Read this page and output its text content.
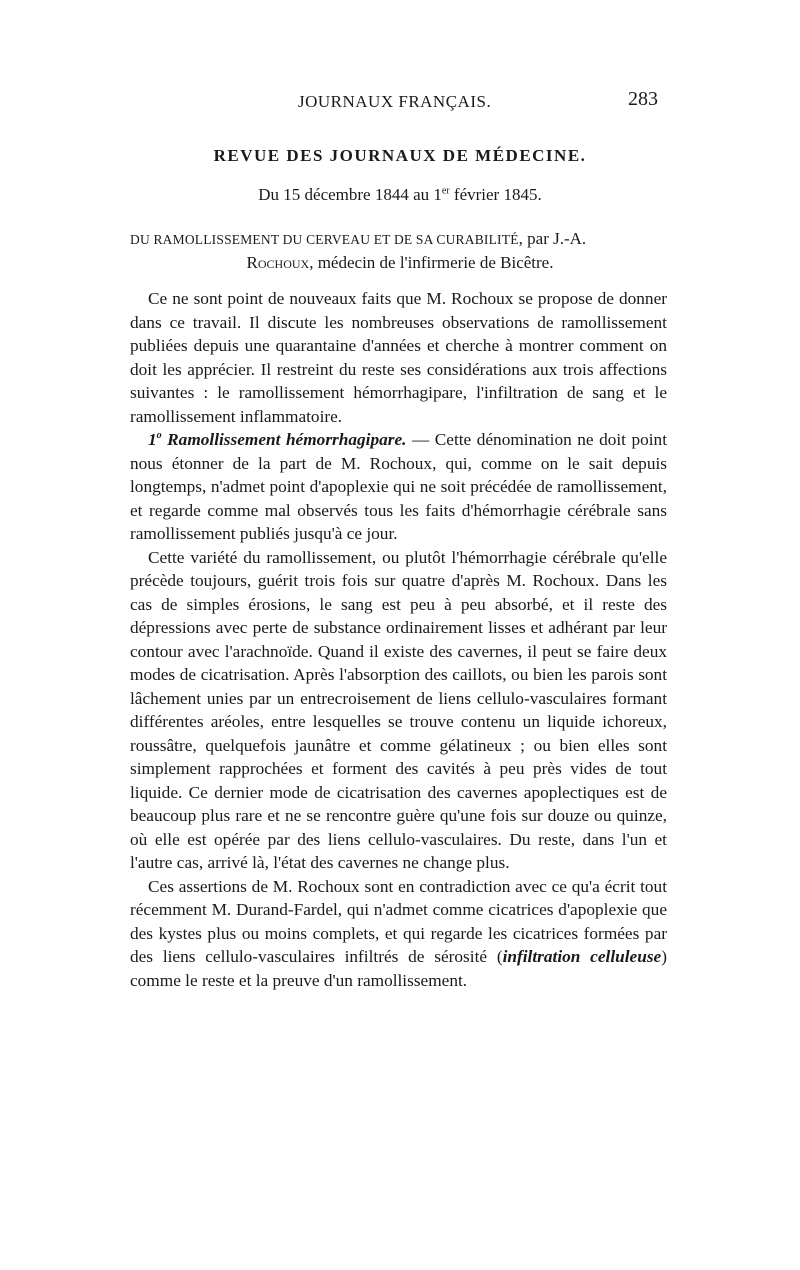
JOURNAUX FRANÇAIS.	283
REVUE DES JOURNAUX DE MÉDECINE.
Du 15 décembre 1844 au 1er février 1845.
DU RAMOLLISSEMENT DU CERVEAU ET DE SA CURABILITÉ, par J.-A.
Rochoux, médecin de l'infirmerie de Bicêtre.

Ce ne sont point de nouveaux faits que M. Rochoux se propose de donner dans ce travail. Il discute les nombreuses observations de ramollissement publiées depuis une quarantaine d'années et cherche à montrer comment on doit les apprécier. Il restreint du reste ses considérations aux trois affections suivantes : le ramollissement hémorrhagipare, l'infiltration de sang et le ramollissement inflammatoire.

1$^o$ Ramollissement hémorrhagipare. — Cette dénomination ne doit point nous étonner de la part de M. Rochoux, qui, comme on le sait depuis longtemps, n'admet point d'apoplexie qui ne soit précédée de ramollissement, et regarde comme mal observés tous les faits d'hémorrhagie cérébrale sans ramollissement publiés jusqu'à ce jour.

Cette variété du ramollissement, ou plutôt l'hémorrhagie cérébrale qu'elle précède toujours, guérit trois fois sur quatre d'après M. Rochoux. Dans les cas de simples érosions, le sang est peu à peu absorbé, et il reste des dépressions avec perte de substance ordinairement lisses et adhérant par leur contour avec l'arachnoïde. Quand il existe des cavernes, il peut se faire deux modes de cicatrisation. Après l'absorption des caillots, ou bien les parois sont lâchement unies par un entrecroisement de liens cellulo-vasculaires formant différentes aréoles, entre lesquelles se trouve contenu un liquide ichoreux, roussâtre, quelquefois jaunâtre et comme gélatineux ; ou bien elles sont simplement rapprochées et forment des cavités à peu près vides de tout liquide. Ce dernier mode de cicatrisation des cavernes apoplectiques est de beaucoup plus rare et ne se rencontre guère qu'une fois sur douze ou quinze, où elle est opérée par des liens cellulo-vasculaires. Du reste, dans l'un et l'autre cas, arrivé là, l'état des cavernes ne change plus.

Ces assertions de M. Rochoux sont en contradiction avec ce qu'a écrit tout récemment M. Durand-Fardel, qui n'admet comme cicatrices d'apoplexie que des kystes plus ou moins complets, et qui regarde les cicatrices formées par des liens cellulo-vasculaires infiltrés de sérosité (infiltration celluleuse) comme le reste et la preuve d'un ramollissement.
